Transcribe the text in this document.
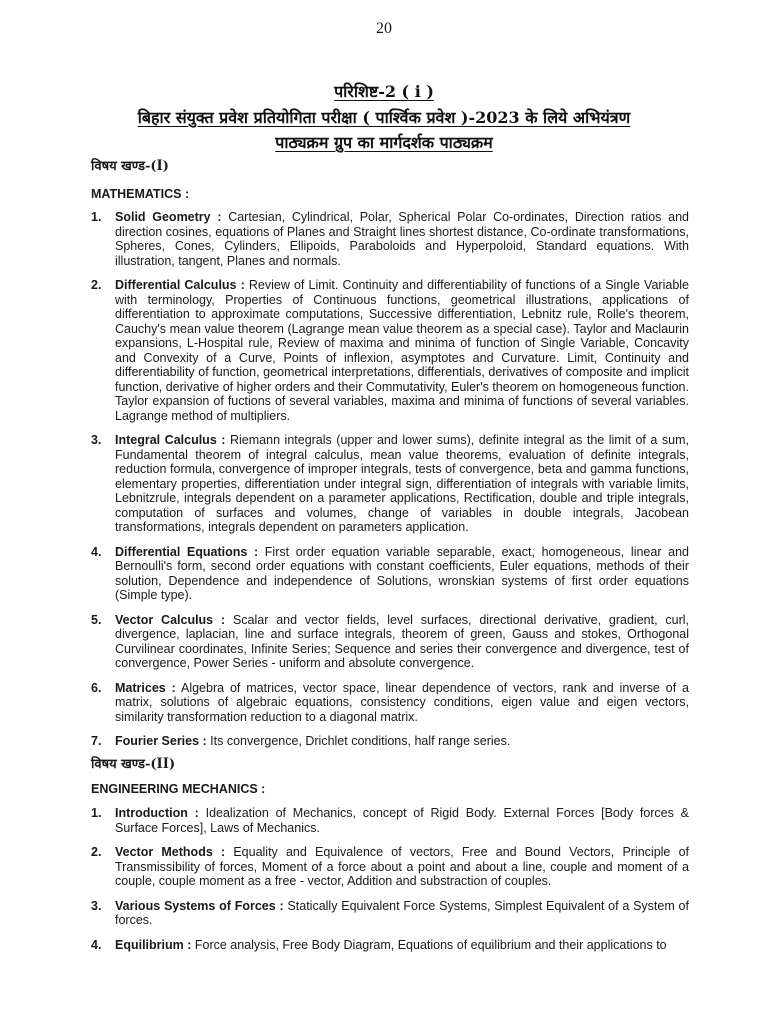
20
परिशिष्ट-2 ( i )
बिहार संयुक्त प्रवेश प्रतियोगिता परीक्षा ( पार्श्विक प्रवेश )-2023 के लिये अभियंत्रण
पाठ्यक्रम ग्रुप का मार्गदर्शक पाठ्यक्रम
विषय खण्ड-(I)
MATHEMATICS :
1. Solid Geometry : Cartesian, Cylindrical, Polar, Spherical Polar Co-ordinates, Direction ratios and direction cosines, equations of Planes and Straight lines shortest distance, Co-ordinate transformations, Spheres, Cones, Cylinders, Ellipoids, Paraboloids and Hyperpoloid, Standard equations. With illustration, tangent, Planes and normals.
2. Differential Calculus : Review of Limit. Continuity and differentiability of functions of a Single Variable with terminology, Properties of Continuous functions, geometrical illustrations, applications of differentiation to approximate computations, Successive differentiation, Lebnitz rule, Rolle's theorem, Cauchy's mean value theorem (Lagrange mean value theorem as a special case). Taylor and Maclaurin expansions, L-Hospital rule, Review of maxima and minima of function of Single Variable, Concavity and Convexity of a Curve, Points of inflexion, asymptotes and Curvature. Limit, Continuity and differentiability of function, geometrical interpretations, differentials, derivatives of composite and implicit function, derivative of higher orders and their Commutativity, Euler's theorem on homogeneous function. Taylor expansion of fuctions of several variables, maxima and minima of functions of several variables. Lagrange method of multipliers.
3. Integral Calculus : Riemann integrals (upper and lower sums), definite integral as the limit of a sum, Fundamental theorem of integral calculus, mean value theorems, evaluation of definite integrals, reduction formula, convergence of improper integrals, tests of convergence, beta and gamma functions, elementary properties, differentiation under integral sign, differentiation of integrals with variable limits, Lebnitzrule, integrals dependent on a parameter applications, Rectification, double and triple integrals, computation of surfaces and volumes, change of variables in double integrals, Jacobean transformations, integrals dependent on parameters application.
4. Differential Equations : First order equation variable separable, exact, homogeneous, linear and Bernoulli's form, second order equations with constant coefficients, Euler equations, methods of their solution, Dependence and independence of Solutions, wronskian systems of first order equations (Simple type).
5. Vector Calculus : Scalar and vector fields, level surfaces, directional derivative, gradient, curl, divergence, laplacian, line and surface integrals, theorem of green, Gauss and stokes, Orthogonal Curvilinear coordinates, Infinite Series; Sequence and series their convergence and divergence, test of convergence, Power Series - uniform and absolute convergence.
6. Matrices : Algebra of matrices, vector space, linear dependence of vectors, rank and inverse of a matrix, solutions of algebraic equations, consistency conditions, eigen value and eigen vectors, similarity transformation reduction to a diagonal matrix.
7. Fourier Series : Its convergence, Drichlet conditions, half range series.
विषय खण्ड-(II)
ENGINEERING MECHANICS :
1. Introduction : Idealization of Mechanics, concept of Rigid Body. External Forces [Body forces & Surface Forces], Laws of Mechanics.
2. Vector Methods : Equality and Equivalence of vectors, Free and Bound Vectors, Principle of Transmissibility of forces, Moment of a force about a point and about a line, couple and moment of a couple, couple moment as a free - vector, Addition and substraction of couples.
3. Various Systems of Forces : Statically Equivalent Force Systems, Simplest Equivalent of a System of forces.
4. Equilibrium : Force analysis, Free Body Diagram, Equations of equilibrium and their applications to
